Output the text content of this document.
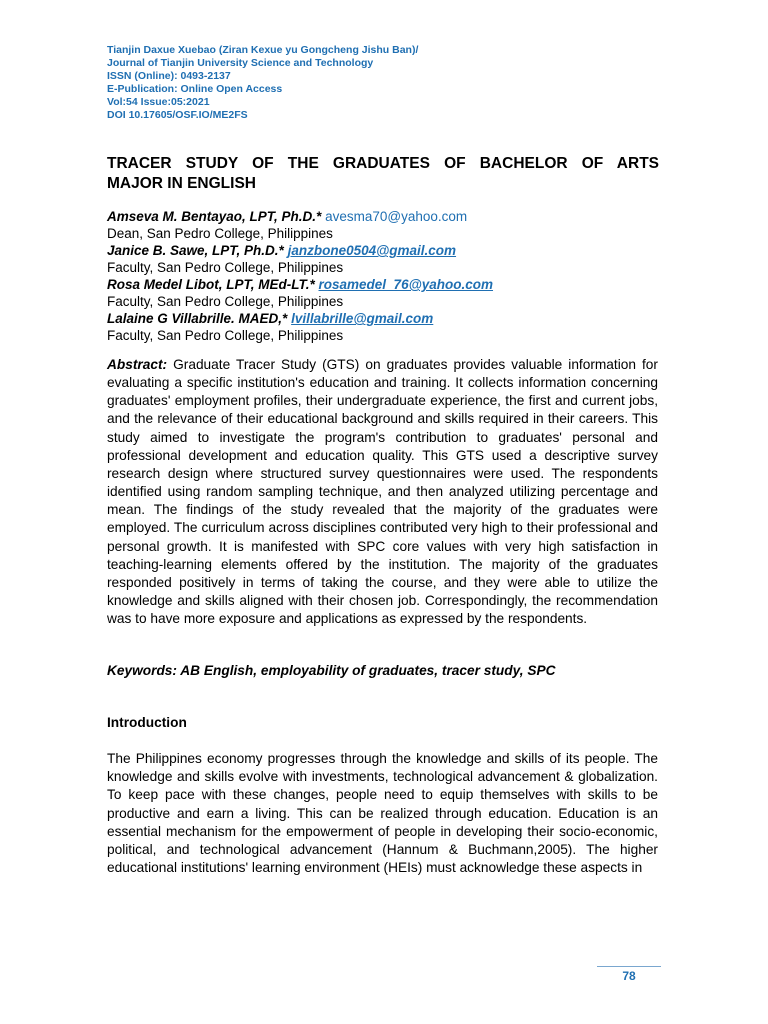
Tianjin Daxue Xuebao (Ziran Kexue yu Gongcheng Jishu Ban)/
Journal of Tianjin University Science and Technology
ISSN (Online): 0493-2137
E-Publication: Online Open Access
Vol:54 Issue:05:2021
DOI 10.17605/OSF.IO/ME2FS
TRACER STUDY OF THE GRADUATES OF BACHELOR OF ARTS
MAJOR IN ENGLISH
Amseva M. Bentayao, LPT, Ph.D.* avesma70@yahoo.com
Dean, San Pedro College, Philippines
Janice B. Sawe, LPT, Ph.D.* janzbone0504@gmail.com
Faculty, San Pedro College, Philippines
Rosa Medel Libot, LPT, MEd-LT.* rosamedel_76@yahoo.com
Faculty, San Pedro College, Philippines
Lalaine G Villabrille. MAED,* lvillabrille@gmail.com
Faculty, San Pedro College, Philippines

Abstract: Graduate Tracer Study (GTS) on graduates provides valuable information for evaluating a specific institution's education and training. It collects information concerning graduates' employment profiles, their undergraduate experience, the first and current jobs, and the relevance of their educational background and skills required in their careers. This study aimed to investigate the program's contribution to graduates' personal and professional development and education quality. This GTS used a descriptive survey research design where structured survey questionnaires were used. The respondents identified using random sampling technique, and then analyzed utilizing percentage and mean. The findings of the study revealed that the majority of the graduates were employed. The curriculum across disciplines contributed very high to their professional and personal growth. It is manifested with SPC core values with very high satisfaction in teaching-learning elements offered by the institution. The majority of the graduates responded positively in terms of taking the course, and they were able to utilize the knowledge and skills aligned with their chosen job. Correspondingly, the recommendation was to have more exposure and applications as expressed by the respondents.

Keywords: AB English, employability of graduates, tracer study, SPC
Introduction

The Philippines economy progresses through the knowledge and skills of its people. The knowledge and skills evolve with investments, technological advancement & globalization. To keep pace with these changes, people need to equip themselves with skills to be productive and earn a living. This can be realized through education. Education is an essential mechanism for the empowerment of people in developing their socio-economic, political, and technological advancement (Hannum & Buchmann,2005). The higher educational institutions' learning environment (HEIs) must acknowledge these aspects in

78
